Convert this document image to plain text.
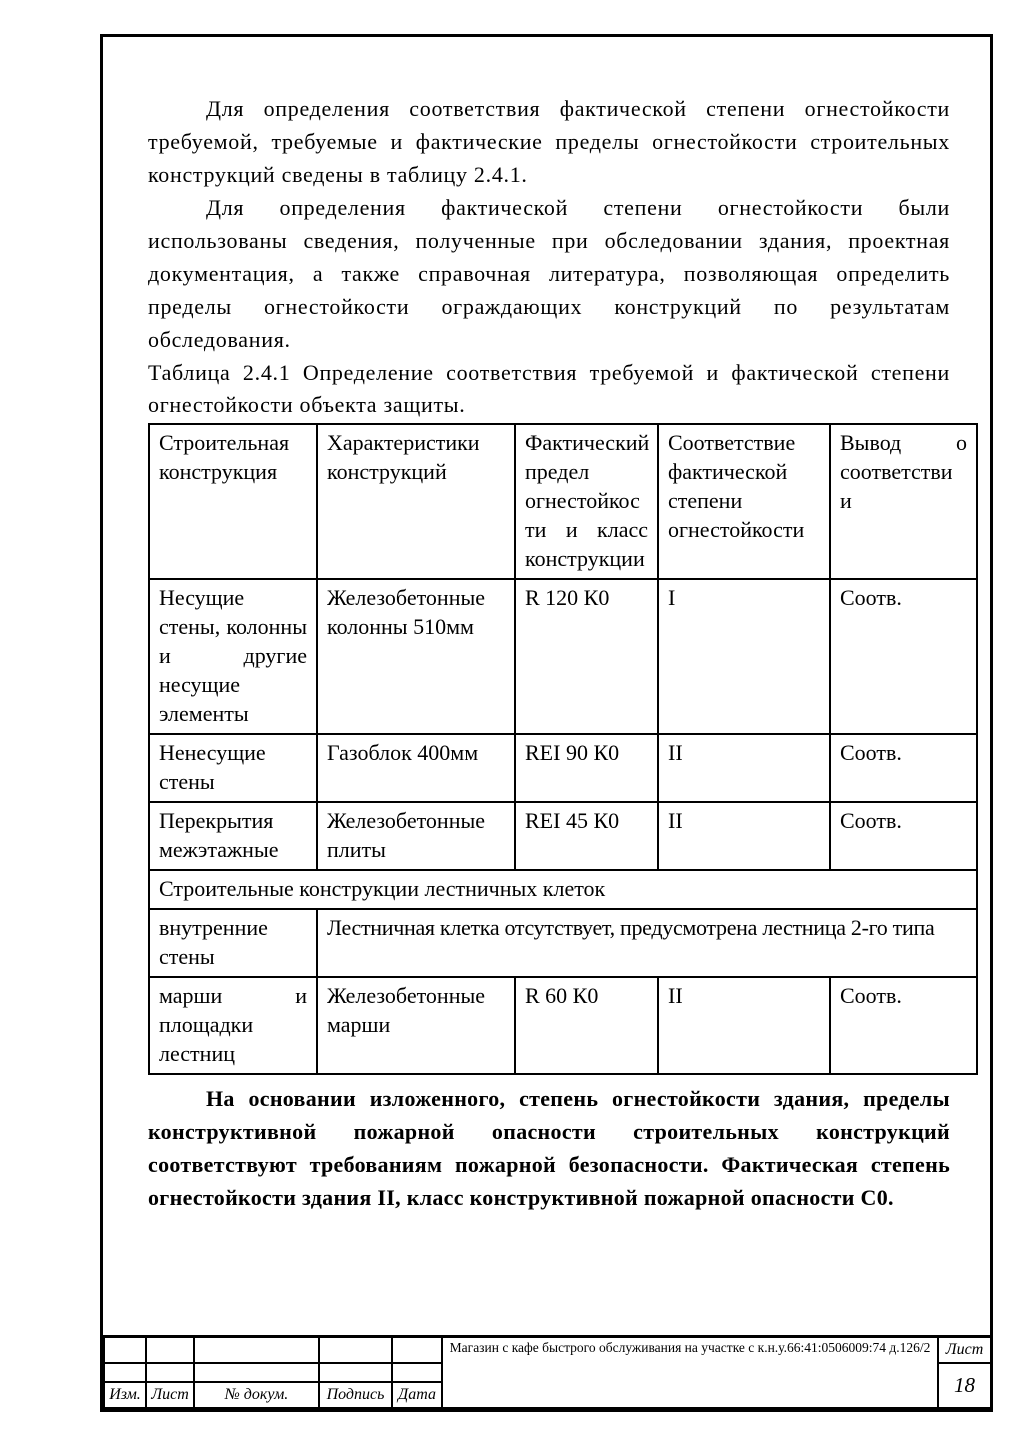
Для определения соответствия фактической степени огнестойкости требуемой, требуемые и фактические пределы огнестойкости строительных конструкций сведены в таблицу 2.4.1.

Для определения фактической степени огнестойкости были использованы сведения, полученные при обследовании здания, проектная документация, а также справочная литература, позволяющая определить пределы огнестойкости ограждающих конструкций по результатам обследования.

Таблица 2.4.1 Определение соответствия требуемой и фактической степени огнестойкости объекта защиты.

Строительная конструкция	Характеристики конструкций	Фактический предел огнестойкос ти и класс конструкции	Соответствие фактической степени огнестойкости	Вывод о соответстви и
Несущие стены, колонны и другие несущие элементы	Железобетонные колонны 510мм	R 120 К0	I	Соотв.
Ненесущие стены	Газоблок 400мм	REI 90 К0	II	Соотв.
Перекрытия межэтажные	Железобетонные плиты	REI 45 К0	II	Соотв.
Строительные конструкции лестничных клеток				
внутренние стены	Лестничная клетка отсутствует, предусмотрена лестница 2-го типа			
марши и площадки лестниц	Железобетонные марши	R 60 К0	II	Соотв.

На основании изложенного, степень огнестойкости здания, пределы конструктивной пожарной опасности строительных конструкций соответствуют требованиям пожарной безопасности. Фактическая степень огнестойкости здания II, класс конструктивной пожарной опасности С0.

					Магазин с кафе быстрого обслуживания на участке с к.н.у.66:41:0506009:74 д.126/2	Лист
						18
Изм.	Лист	№ докум.	Подпись	Дата		
